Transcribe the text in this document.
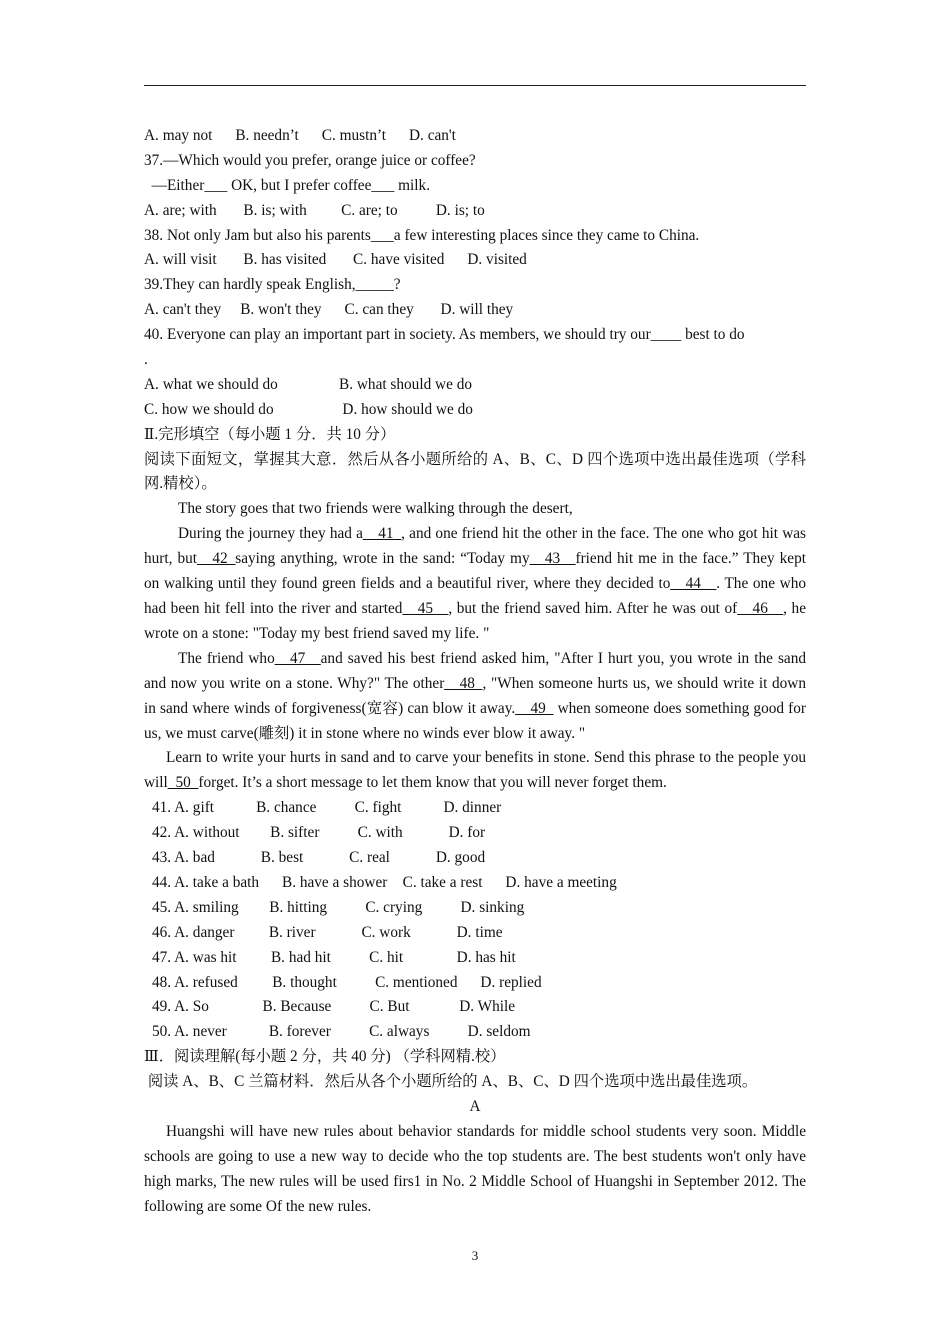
A. may not      B. needn’t      C. mustn’t      D. can't
37.—Which would you prefer, orange juice or coffee?
—Either___ OK, but I prefer coffee___ milk.
A. are; with       B. is; with         C. are; to          D. is; to
38. Not only Jam but also his parents___a few interesting places since they came to China.
A. will visit       B. has visited       C. have visited      D. visited
39.They can hardly speak English,_____?
A. can't they     B. won't they      C. can they       D. will they
40. Everyone can play an important part in society. As members, we should try our____ best to do
.
A. what we should do                B. what should we do
C. how we should do                  D. how should we do
Ⅱ.完形填空（每小题 1 分．共 10 分）
阅读下面短文，掌握其大意．然后从各小题所给的 A、B、C、D 四个选项中选出最佳选项（学科网.精校）。
The story goes that two friends were walking through the desert,
During the journey they had a__41_, and one friend hit the other in the face. The one who got hit was hurt, but__42_saying anything, wrote in the sand: “Today my__43__friend hit me in the face.” They kept on walking until they found green fields and a beautiful river, where they decided to__44__. The one who had been hit fell into the river and started__45__, but the friend saved him. After he was out of__46__, he wrote on a stone: "Today my best friend saved my life. "
The friend who__47__and saved his best friend asked him, "After I hurt you, you wrote in the sand and now you write on a stone. Why?" The other__48_, "When someone hurts us, we should write it down in sand where winds of forgiveness(宽容) can blow it away.__49_ when someone does something good for us, we must carve(雕刻) it in stone where no winds ever blow it away. "
Learn to write your hurts in sand and to carve your benefits in stone. Send this phrase to the people you will_50_forget. It’s a short message to let them know that you will never forget them.
41. A. gift           B. chance          C. fight           D. dinner
42. A. without        B. sifter          C. with            D. for
43. A. bad            B. best            C. real            D. good
44. A. take a bath      B. have a shower    C. take a rest      D. have a meeting
45. A. smiling        B. hitting          C. crying          D. sinking
46. A. danger         B. river            C. work            D. time
47. A. was hit         B. had hit          C. hit              D. has hit
48. A. refused         B. thought          C. mentioned      D. replied
49. A. So              B. Because          C. But             D. While
50. A. never           B. forever          C. always          D. seldom
Ⅲ．阅读理解(每小题 2 分，共 40 分) （学科网精.校）
阅读 A、B、C 兰篇材料．然后从各个小题所给的 A、B、C、D 四个选项中选出最佳选项。
A
Huangshi will have new rules about behavior standards for middle school students very soon. Middle schools are going to use a new way to decide who the top students are. The best students won't only have high marks, The new rules will be used firs1 in No. 2 Middle School of Huangshi in September 2012. The following are some Of the new rules.
3
